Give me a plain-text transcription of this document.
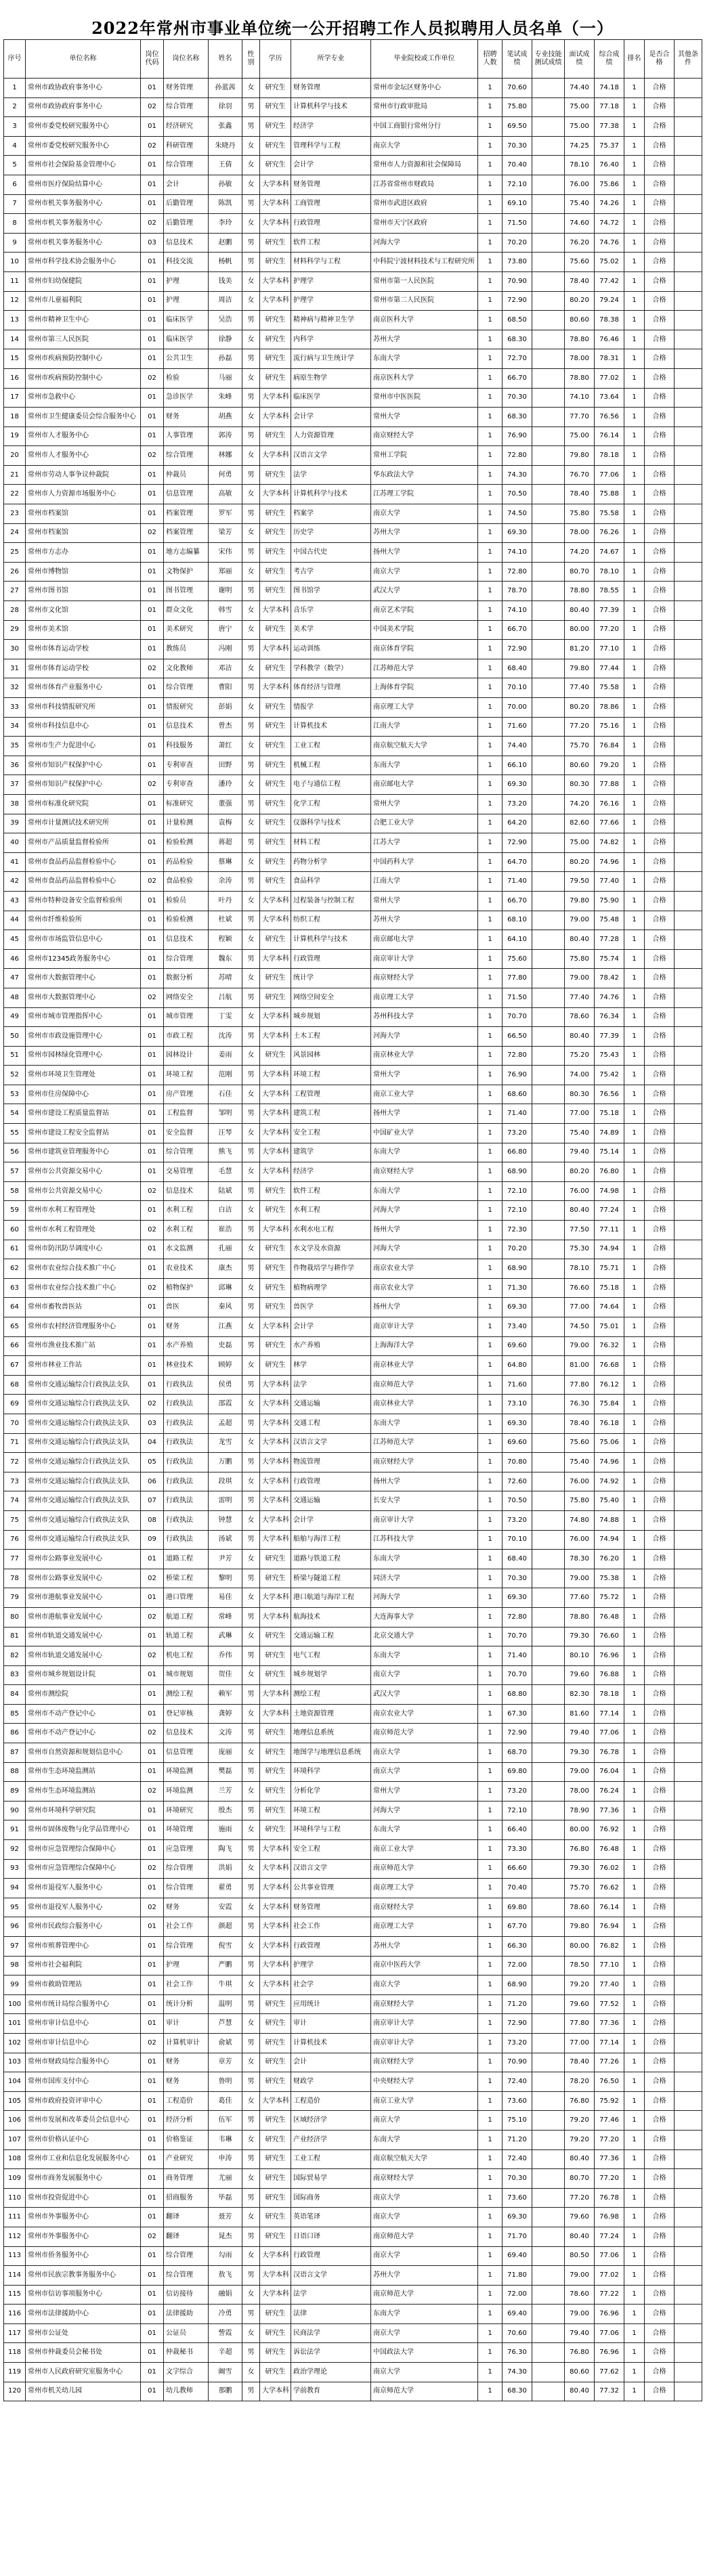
2022年常州市事业单位统一公开招聘工作人员拟聘用人员名单（一）
序号	单位名称	岗位代码	岗位名称	姓名	性别	学历	所学专业	毕业院校或工作单位	招聘人数	笔试成绩	专业技能测试成绩	面试成绩	综合成绩	排名	是否合格	其他条件
1	常州市政协政府事务中心	01	财务管理	孙蓝茜	女	研究生	财务管理	常州市金坛区财务中心	1	70.60		74.40	74.18	1	合格	
2	常州市政协政府事务中心	02	综合管理	徐羽	男	研究生	计算机科学与技术	常州市行政审批局	1	75.80		75.00	77.18	1	合格	
3	常州市委党校研究服务中心	01	经济研究	张鑫	男	研究生	经济学	中国工商银行常州分行	1	69.50		75.00	77.38	1	合格	
4	常州市委党校研究服务中心	02	科研管理	朱晓丹	女	研究生	管理科学与工程	南京大学	1	70.30		74.25	75.37	1	合格	
5	常州市社会保险基金管理中心	01	综合管理	王倩	女	研究生	会计学	常州市人力资源和社会保障局	1	70.40		78.10	76.40	1	合格	
6	常州市医疗保险结算中心	01	会计	孙敏	女	大学本科	财务管理	江苏省常州市财政局	1	72.10		76.00	75.86	1	合格	
7	常州市机关事务服务中心	01	后勤管理	陈凯	男	大学本科	工商管理	常州市武进区政府	1	69.10		75.40	74.26	1	合格	
8	常州市机关事务服务中心	02	后勤管理	李玲	女	大学本科	行政管理	常州市天宁区政府	1	71.50		74.60	74.72	1	合格	
9	常州市机关事务服务中心	03	信息技术	赵鹏	男	研究生	软件工程	河海大学	1	70.20		76.20	74.76	1	合格	
10	常州市科学技术协会服务中心	01	科技交流	杨帆	男	研究生	材料科学与工程	中科院宁波材料技术与工程研究所	1	73.80		75.60	75.02	1	合格	
11	常州市妇幼保健院	01	护理	钱美	女	大学本科	护理学	常州市第一人民医院	1	70.90		78.40	77.42	1	合格	
12	常州市儿童福利院	01	护理	周洁	女	大学本科	护理学	常州市第二人民医院	1	72.90		80.20	79.24	1	合格	
13	常州市精神卫生中心	01	临床医学	吴浩	男	研究生	精神病与精神卫生学	南京医科大学	1	68.50		80.60	78.38	1	合格	
14	常州市第三人民医院	01	临床医学	徐静	女	研究生	内科学	苏州大学	1	68.30		78.80	76.46	1	合格	
15	常州市疾病预防控制中心	01	公共卫生	孙磊	男	研究生	流行病与卫生统计学	东南大学	1	72.70		78.00	78.31	1	合格	
16	常州市疾病预防控制中心	02	检验	马丽	女	研究生	病原生物学	南京医科大学	1	66.70		78.80	77.02	1	合格	
17	常州市急救中心	01	急诊医学	朱峰	男	大学本科	临床医学	常州市中医医院	1	70.30		74.10	73.64	1	合格	
18	常州市卫生健康委员会综合服务中心	01	财务	胡燕	女	大学本科	会计学	常州大学	1	68.30		77.70	76.56	1	合格	
19	常州市人才服务中心	01	人事管理	郭涛	男	研究生	人力资源管理	南京财经大学	1	76.90		75.00	76.14	1	合格	
20	常州市人才服务中心	02	综合管理	林娜	女	大学本科	汉语言文学	常州工学院	1	72.80		79.80	78.18	1	合格	
21	常州市劳动人事争议仲裁院	01	仲裁员	何勇	男	研究生	法学	华东政法大学	1	74.30		76.70	77.06	1	合格	
22	常州市人力资源市场服务中心	01	信息管理	高敏	女	大学本科	计算机科学与技术	江苏理工学院	1	70.50		78.40	75.88	1	合格	
23	常州市档案馆	01	档案管理	罗军	男	研究生	档案学	南京大学	1	74.50		75.80	75.58	1	合格	
24	常州市档案馆	02	档案管理	梁芳	女	研究生	历史学	苏州大学	1	69.30		78.00	76.26	1	合格	
25	常州市方志办	01	地方志编纂	宋伟	男	研究生	中国古代史	扬州大学	1	74.10		74.20	74.67	1	合格	
26	常州市博物馆	01	文物保护	郑丽	女	研究生	考古学	南京大学	1	72.80		80.70	78.10	1	合格	
27	常州市图书馆	01	图书管理	谢明	男	研究生	图书馆学	武汉大学	1	78.70		78.80	78.55	1	合格	
28	常州市文化馆	01	群众文化	韩雪	女	大学本科	音乐学	南京艺术学院	1	74.10		80.40	77.39	1	合格	
29	常州市美术馆	01	美术研究	唐宁	女	研究生	美术学	中国美术学院	1	66.70		80.00	77.20	1	合格	
30	常州市体育运动学校	01	教练员	冯刚	男	大学本科	运动训练	南京体育学院	1	72.90		81.20	77.10	1	合格	
31	常州市体育运动学校	02	文化教师	邓洁	女	研究生	学科教学（数学）	江苏师范大学	1	68.40		79.80	77.44	1	合格	
32	常州市体育产业服务中心	01	综合管理	曹阳	男	大学本科	体育经济与管理	上海体育学院	1	70.10		77.40	75.58	1	合格	
33	常州市科技情报研究所	01	情报研究	彭娟	女	研究生	情报学	南京理工大学	1	70.00		80.20	78.86	1	合格	
34	常州市科技信息中心	01	信息技术	曾杰	男	研究生	计算机技术	江南大学	1	71.60		77.20	75.16	1	合格	
35	常州市生产力促进中心	01	科技服务	萧红	女	研究生	工业工程	南京航空航天大学	1	74.40		75.70	76.84	1	合格	
36	常州市知识产权保护中心	01	专利审查	田野	男	研究生	机械工程	东南大学	1	66.10		80.60	79.20	1	合格	
37	常州市知识产权保护中心	02	专利审查	潘玲	女	研究生	电子与通信工程	南京邮电大学	1	69.30		80.30	77.88	1	合格	
38	常州市标准化研究院	01	标准研究	董强	男	研究生	化学工程	常州大学	1	73.20		74.20	76.16	1	合格	
39	常州市计量测试技术研究所	01	计量检测	袁梅	女	研究生	仪器科学与技术	合肥工业大学	1	64.20		82.60	77.66	1	合格	
40	常州市产品质量监督检验所	01	检验检测	蒋超	男	研究生	材料工程	江苏大学	1	72.90		75.00	74.82	1	合格	
41	常州市食品药品监督检验中心	01	药品检验	蔡琳	女	研究生	药物分析学	中国药科大学	1	64.70		80.20	74.96	1	合格	
42	常州市食品药品监督检验中心	02	食品检验	余涛	男	研究生	食品科学	江南大学	1	71.40		79.50	77.40	1	合格	
43	常州市特种设备安全监督检验所	01	检验员	叶丹	女	大学本科	过程装备与控制工程	常州大学	1	66.70		79.80	75.90	1	合格	
44	常州市纤维检验所	01	检验检测	杜斌	男	大学本科	纺织工程	苏州大学	1	68.10		79.00	75.48	1	合格	
45	常州市市场监管信息中心	01	信息技术	程颖	女	研究生	计算机科学与技术	南京邮电大学	1	64.10		80.40	77.28	1	合格	
46	常州市12345政务服务中心	01	综合管理	魏东	男	大学本科	行政管理	南京审计大学	1	75.60		75.80	75.74	1	合格	
47	常州市大数据管理中心	01	数据分析	苏晴	女	研究生	统计学	南京财经大学	1	77.80		79.00	78.42	1	合格	
48	常州市大数据管理中心	02	网络安全	吕航	男	研究生	网络空间安全	南京理工大学	1	71.50		77.40	74.76	1	合格	
49	常州市城市管理指挥中心	01	城市管理	丁雯	女	大学本科	城乡规划	苏州科技大学	1	70.70		78.60	76.34	1	合格	
50	常州市市政设施管理中心	01	市政工程	沈涛	男	大学本科	土木工程	河海大学	1	66.50		80.40	77.39	1	合格	
51	常州市园林绿化管理中心	01	园林设计	姜雨	女	研究生	风景园林	南京林业大学	1	72.80		75.20	75.43	1	合格	
52	常州市环境卫生管理处	01	环境工程	范刚	男	大学本科	环境工程	常州大学	1	76.90		74.00	75.42	1	合格	
53	常州市住房保障中心	01	房产管理	石佳	女	大学本科	工程管理	南京工业大学	1	68.60		80.30	76.56	1	合格	
54	常州市建设工程质量监督站	01	工程监督	邹明	男	大学本科	建筑工程	扬州大学	1	71.40		77.00	75.18	1	合格	
55	常州市建设工程安全监督站	01	安全监督	汪琴	女	大学本科	安全工程	中国矿业大学	1	73.20		75.40	74.89	1	合格	
56	常州市建筑业管理服务中心	01	综合管理	熊飞	男	大学本科	建筑学	东南大学	1	66.80		79.40	75.14	1	合格	
57	常州市公共资源交易中心	01	交易管理	毛慧	女	大学本科	经济学	南京财经大学	1	68.90		80.20	76.80	1	合格	
58	常州市公共资源交易中心	02	信息技术	陆斌	男	研究生	软件工程	东南大学	1	72.10		76.00	74.98	1	合格	
59	常州市水利工程管理处	01	水利工程	白洁	女	研究生	水利工程	河海大学	1	72.10		80.40	77.24	1	合格	
60	常州市水利工程管理处	02	水利工程	崔浩	男	大学本科	水利水电工程	扬州大学	1	72.30		77.50	77.11	1	合格	
61	常州市防汛防旱调度中心	01	水文监测	孔丽	女	研究生	水文学及水资源	河海大学	1	70.20		75.30	74.94	1	合格	
62	常州市农业综合技术推广中心	01	农业技术	康杰	男	研究生	作物栽培学与耕作学	南京农业大学	1	68.90		78.10	75.71	1	合格	
63	常州市农业综合技术推广中心	02	植物保护	邱琳	女	研究生	植物病理学	南京农业大学	1	71.30		76.60	75.18	1	合格	
64	常州市畜牧兽医站	01	兽医	秦风	男	研究生	兽医学	扬州大学	1	69.30		77.00	74.64	1	合格	
65	常州市农村经济管理服务中心	01	财务	江燕	女	大学本科	会计学	南京审计大学	1	73.40		74.50	75.01	1	合格	
66	常州市渔业技术推广站	01	水产养殖	史磊	男	研究生	水产养殖	上海海洋大学	1	69.60		79.00	76.32	1	合格	
67	常州市林业工作站	01	林业技术	顾婷	女	研究生	林学	南京林业大学	1	64.80		81.00	76.68	1	合格	
68	常州市交通运输综合行政执法支队	01	行政执法	侯勇	男	大学本科	法学	南京师范大学	1	71.60		77.80	76.12	1	合格	
69	常州市交通运输综合行政执法支队	02	行政执法	邵霞	女	大学本科	交通运输	南京林业大学	1	73.10		76.30	75.84	1	合格	
70	常州市交通运输综合行政执法支队	03	行政执法	孟超	男	大学本科	交通工程	东南大学	1	69.30		78.40	76.18	1	合格	
71	常州市交通运输综合行政执法支队	04	行政执法	龙雪	女	大学本科	汉语言文学	江苏师范大学	1	69.60		75.60	75.06	1	合格	
72	常州市交通运输综合行政执法支队	05	行政执法	万鹏	男	大学本科	物流管理	南京财经大学	1	70.80		75.40	74.96	1	合格	
73	常州市交通运输综合行政执法支队	06	行政执法	段琪	女	大学本科	行政管理	扬州大学	1	72.60		76.00	74.92	1	合格	
74	常州市交通运输综合行政执法支队	07	行政执法	雷明	男	大学本科	交通运输	长安大学	1	70.50		75.80	75.40	1	合格	
75	常州市交通运输综合行政执法支队	08	行政执法	钟慧	女	大学本科	会计学	南京审计大学	1	73.20		74.80	74.88	1	合格	
76	常州市交通运输综合行政执法支队	09	行政执法	汤斌	男	大学本科	船舶与海洋工程	江苏科技大学	1	70.10		76.00	74.94	1	合格	
77	常州市公路事业发展中心	01	道路工程	尹芳	女	研究生	道路与铁道工程	东南大学	1	68.40		78.30	76.20	1	合格	
78	常州市公路事业发展中心	02	桥梁工程	黎明	男	研究生	桥梁与隧道工程	同济大学	1	70.30		79.00	75.38	1	合格	
79	常州市港航事业发展中心	01	港口管理	易佳	女	大学本科	港口航道与海岸工程	河海大学	1	69.30		77.60	75.72	1	合格	
80	常州市港航事业发展中心	02	航道工程	常峰	男	大学本科	航海技术	大连海事大学	1	72.80		78.80	76.48	1	合格	
81	常州市轨道交通发展中心	01	轨道工程	武琳	女	研究生	交通运输工程	北京交通大学	1	70.70		79.30	76.60	1	合格	
82	常州市轨道交通发展中心	02	机电工程	乔伟	男	研究生	电气工程	东南大学	1	71.40		80.10	76.96	1	合格	
83	常州市城乡规划设计院	01	城市规划	贺佳	女	研究生	城乡规划学	南京大学	1	70.70		79.60	76.88	1	合格	
84	常州市测绘院	01	测绘工程	赖军	男	大学本科	测绘工程	武汉大学	1	68.80		82.30	78.18	1	合格	
85	常州市不动产登记中心	01	登记审核	龚婷	女	大学本科	土地资源管理	南京农业大学	1	67.30		81.60	77.14	1	合格	
86	常州市不动产登记中心	02	信息技术	文涛	男	研究生	地理信息系统	南京师范大学	1	72.90		79.40	77.06	1	合格	
87	常州市自然资源和规划信息中心	01	信息管理	庞丽	女	研究生	地图学与地理信息系统	南京大学	1	68.70		79.30	76.78	1	合格	
88	常州市生态环境监测站	01	环境监测	樊磊	男	研究生	环境科学	南京大学	1	69.80		79.00	76.04	1	合格	
89	常州市生态环境监测站	02	环境监测	兰芳	女	研究生	分析化学	常州大学	1	73.20		78.00	76.24	1	合格	
90	常州市环境科学研究院	01	环境研究	殷杰	男	研究生	环境工程	河海大学	1	72.10		78.90	77.36	1	合格	
91	常州市固体废物与化学品管理中心	01	环境管理	施雨	女	研究生	环境科学与工程	东南大学	1	66.40		80.00	76.92	1	合格	
92	常州市应急管理综合保障中心	01	应急管理	陶飞	男	大学本科	安全工程	南京工业大学	1	73.30		76.80	76.48	1	合格	
93	常州市应急管理综合保障中心	02	综合管理	洪娟	女	大学本科	汉语言文学	南京师范大学	1	66.60		79.30	76.02	1	合格	
94	常州市退役军人服务中心	01	综合管理	翟勇	男	大学本科	公共事业管理	南京理工大学	1	70.40		75.70	76.62	1	合格	
95	常州市退役军人服务中心	02	财务	安霞	女	大学本科	财务管理	南京财经大学	1	69.80		78.60	76.14	1	合格	
96	常州市民政综合服务中心	01	社会工作	颜超	男	大学本科	社会工作	南京理工大学	1	67.70		79.80	76.94	1	合格	
97	常州市殡葬管理中心	01	综合管理	倪雪	女	大学本科	行政管理	苏州大学	1	66.30		80.00	76.82	1	合格	
98	常州市社会福利院	01	护理	严鹏	男	大学本科	护理学	南京中医药大学	1	72.00		78.50	77.10	1	合格	
99	常州市救助管理站	01	社会工作	牛琪	女	大学本科	社会学	南京大学	1	68.90		79.20	77.40	1	合格	
100	常州市统计局综合服务中心	01	统计分析	温明	男	研究生	应用统计	南京财经大学	1	71.20		79.60	77.52	1	合格	
101	常州市审计信息中心	01	审计	芦慧	女	研究生	审计	南京审计大学	1	72.90		77.80	77.36	1	合格	
102	常州市审计信息中心	02	计算机审计	俞斌	男	研究生	计算机技术	南京审计大学	1	73.20		77.00	77.14	1	合格	
103	常州市财政局综合服务中心	01	财务	章芳	女	研究生	会计	南京财经大学	1	70.90		78.40	77.26	1	合格	
104	常州市国库支付中心	01	财务	鲁明	男	研究生	财政学	中央财经大学	1	72.40		78.20	76.50	1	合格	
105	常州市政府投资评审中心	01	工程造价	葛佳	女	大学本科	工程造价	南京工业大学	1	73.60		76.80	75.92	1	合格	
106	常州市发展和改革委员会信息中心	01	经济分析	伍军	男	研究生	区域经济学	南京大学	1	75.10		79.20	77.46	1	合格	
107	常州市价格认证中心	01	价格鉴证	韦琳	女	研究生	产业经济学	东南大学	1	71.20		79.20	77.20	1	合格	
108	常州市工业和信息化发展服务中心	01	产业研究	申涛	男	研究生	工业工程	南京航空航天大学	1	72.40		80.40	77.36	1	合格	
109	常州市商务发展服务中心	01	商务管理	尤丽	女	研究生	国际贸易学	南京财经大学	1	70.30		80.70	77.20	1	合格	
110	常州市投资促进中心	01	招商服务	毕磊	男	研究生	国际商务	南京大学	1	73.60		77.20	76.78	1	合格	
111	常州市外事服务中心	01	翻译	聂芳	女	研究生	英语笔译	南京大学	1	69.30		79.60	76.98	1	合格	
112	常州市外事服务中心	02	翻译	晁杰	男	研究生	日语口译	南京师范大学	1	71.70		80.40	77.24	1	合格	
113	常州市侨务服务中心	01	综合管理	勾雨	女	大学本科	行政管理	南京大学	1	69.40		80.50	77.06	1	合格	
114	常州市民族宗教事务服务中心	01	综合管理	敖飞	男	大学本科	汉语言文学	苏州大学	1	71.80		79.00	77.02	1	合格	
115	常州市信访事项服务中心	01	信访接待	融娟	女	大学本科	法学	南京师范大学	1	72.00		78.60	77.22	1	合格	
116	常州市法律援助中心	01	法律援助	冷勇	男	研究生	法律	东南大学	1	69.40		79.00	76.96	1	合格	
117	常州市公证处	01	公证员	訾霞	女	研究生	民商法学	南京大学	1	70.60		79.40	77.06	1	合格	
118	常州市仲裁委员会秘书处	01	仲裁秘书	辛超	男	研究生	诉讼法学	中国政法大学	1	76.30		76.80	76.96	1	合格	
119	常州市人民政府研究室服务中心	01	文字综合	阚雪	女	研究生	政治学理论	南京大学	1	74.30		80.60	77.62	1	合格	
120	常州市机关幼儿园	01	幼儿教师	那鹏	男	大学本科	学前教育	南京师范大学	1	68.30		80.40	77.32	1	合格	
